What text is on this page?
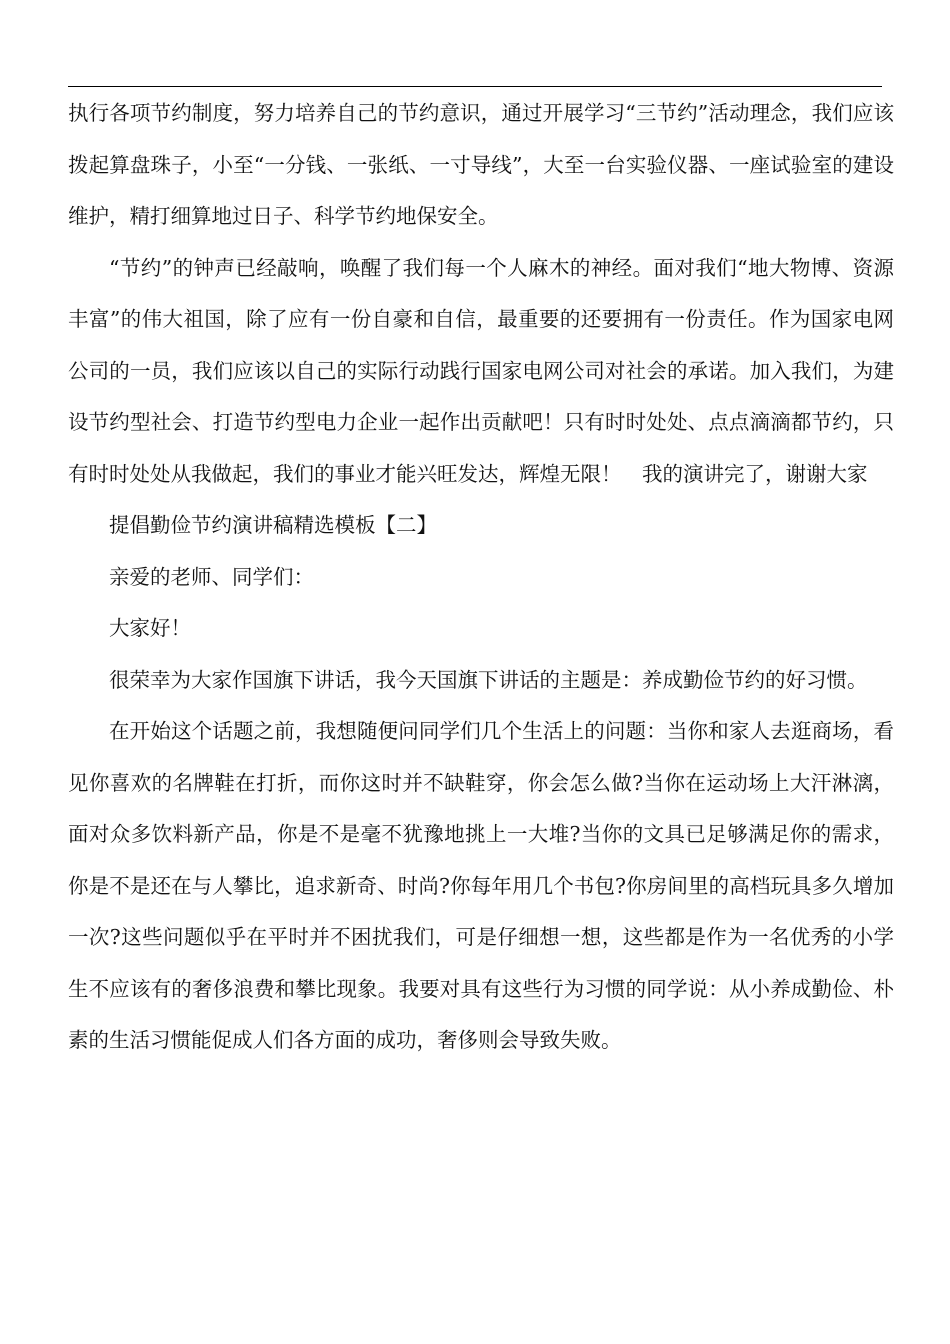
执行各项节约制度，努力培养自己的节约意识，通过开展学习“三节约”活动理念，我们应该拨起算盘珠子，小至“一分钱、一张纸、一寸导线”，大至一台实验仪器、一座试验室的建设维护，精打细算地过日子、科学节约地保安全。

“节约”的钟声已经敲响，唤醒了我们每一个人麻木的神经。面对我们“地大物博、资源丰富”的伟大祖国，除了应有一份自豪和自信，最重要的还要拥有一份责任。作为国家电网公司的一员，我们应该以自己的实际行动践行国家电网公司对社会的承诺。加入我们，为建设节约型社会、打造节约型电力企业一起作出贡献吧！只有时时处处、点点滴滴都节约，只有时时处处从我做起，我们的事业才能兴旺发达，辉煌无限！　我的演讲完了，谢谢大家

提倡勤俭节约演讲稿精选模板【二】

亲爱的老师、同学们：

大家好！

很荣幸为大家作国旗下讲话，我今天国旗下讲话的主题是：养成勤俭节约的好习惯。

在开始这个话题之前，我想随便问同学们几个生活上的问题：当你和家人去逛商场，看见你喜欢的名牌鞋在打折，而你这时并不缺鞋穿，你会怎么做?当你在运动场上大汗淋漓，面对众多饮料新产品，你是不是毫不犹豫地挑上一大堆?当你的文具已足够满足你的需求，你是不是还在与人攀比，追求新奇、时尚?你每年用几个书包?你房间里的高档玩具多久增加一次?这些问题似乎在平时并不困扰我们，可是仔细想一想，这些都是作为一名优秀的小学生不应该有的奢侈浪费和攀比现象。我要对具有这些行为习惯的同学说：从小养成勤俭、朴素的生活习惯能促成人们各方面的成功，奢侈则会导致失败。
